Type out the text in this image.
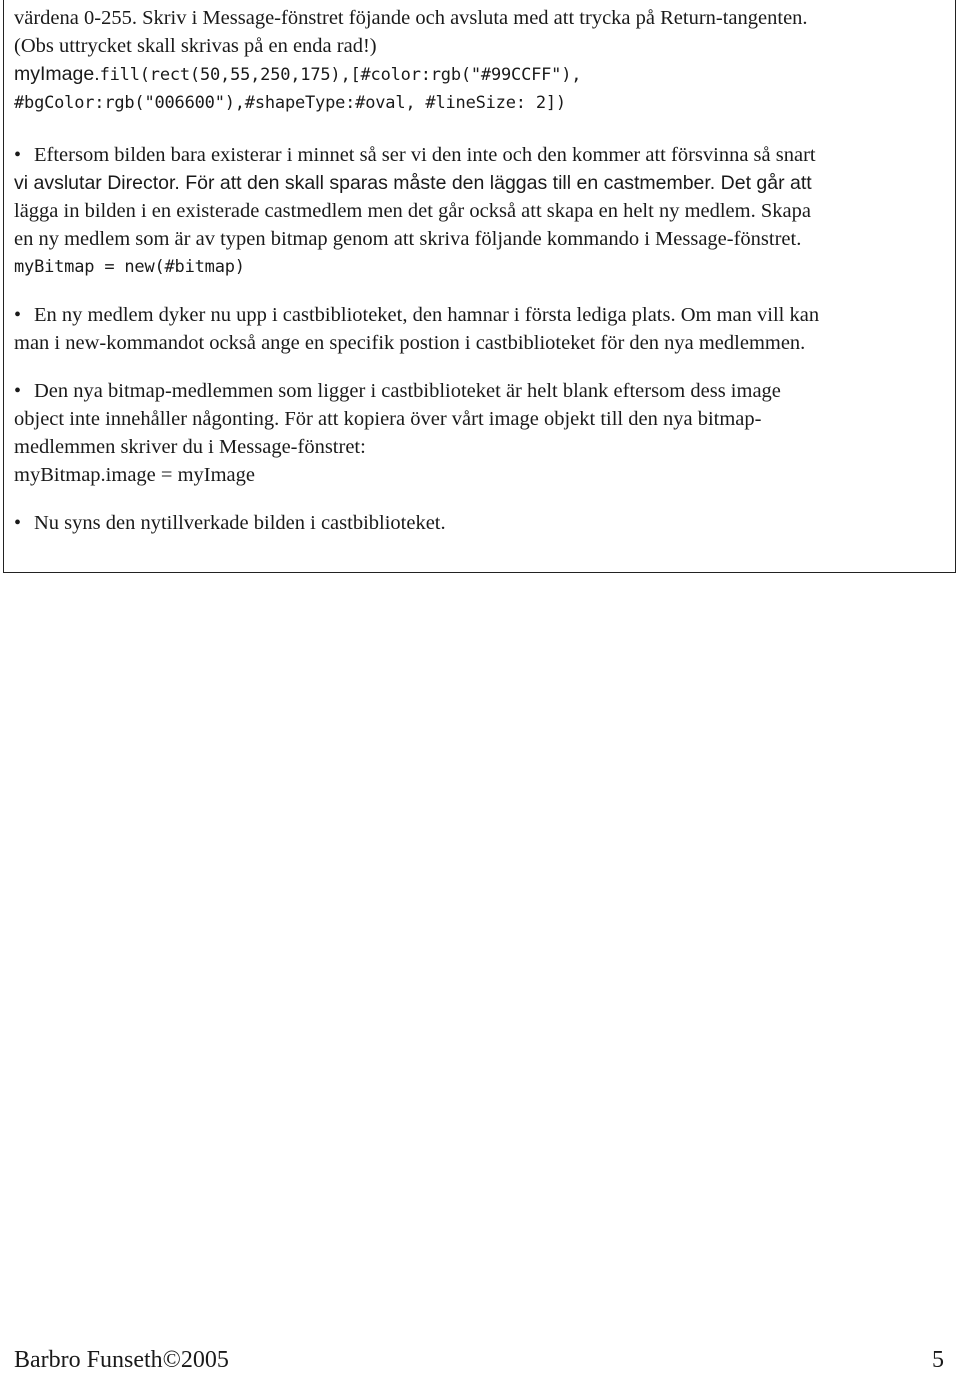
värdena 0-255. Skriv i Message-fönstret föjande och avsluta med att trycka på Return-tangenten.
(Obs uttrycket skall skrivas på en enda rad!)
myImage.fill(rect(50,55,250,175),[#color:rgb("#99CCFF"),
#bgColor:rgb("006600"),#shapeType:#oval, #lineSize: 2])
• Eftersom bilden bara existerar i minnet så ser vi den inte och den kommer att försvinna så snart
vi avslutar Director. För att den skall sparas måste den läggas till en castmember. Det går att
lägga in bilden i en existerade castmedlem men det går också att skapa en helt ny medlem. Skapa
en ny medlem som är av typen bitmap genom att skriva följande kommando i Message-fönstret.
myBitmap = new(#bitmap)
• En ny medlem dyker nu upp i castbiblioteket, den hamnar i första lediga plats. Om man vill kan
man i new-kommandot också ange en specifik postion i castbiblioteket för den nya medlemmen.
• Den nya bitmap-medlemmen som ligger i castbiblioteket är helt blank eftersom dess image
object inte innehåller någonting. För att kopiera över vårt image objekt till den nya bitmap-
medlemmen skriver du i Message-fönstret:
myBitmap.image = myImage
• Nu syns den nytillverkade bilden i castbiblioteket.
Barbro Funseth©2005	5
